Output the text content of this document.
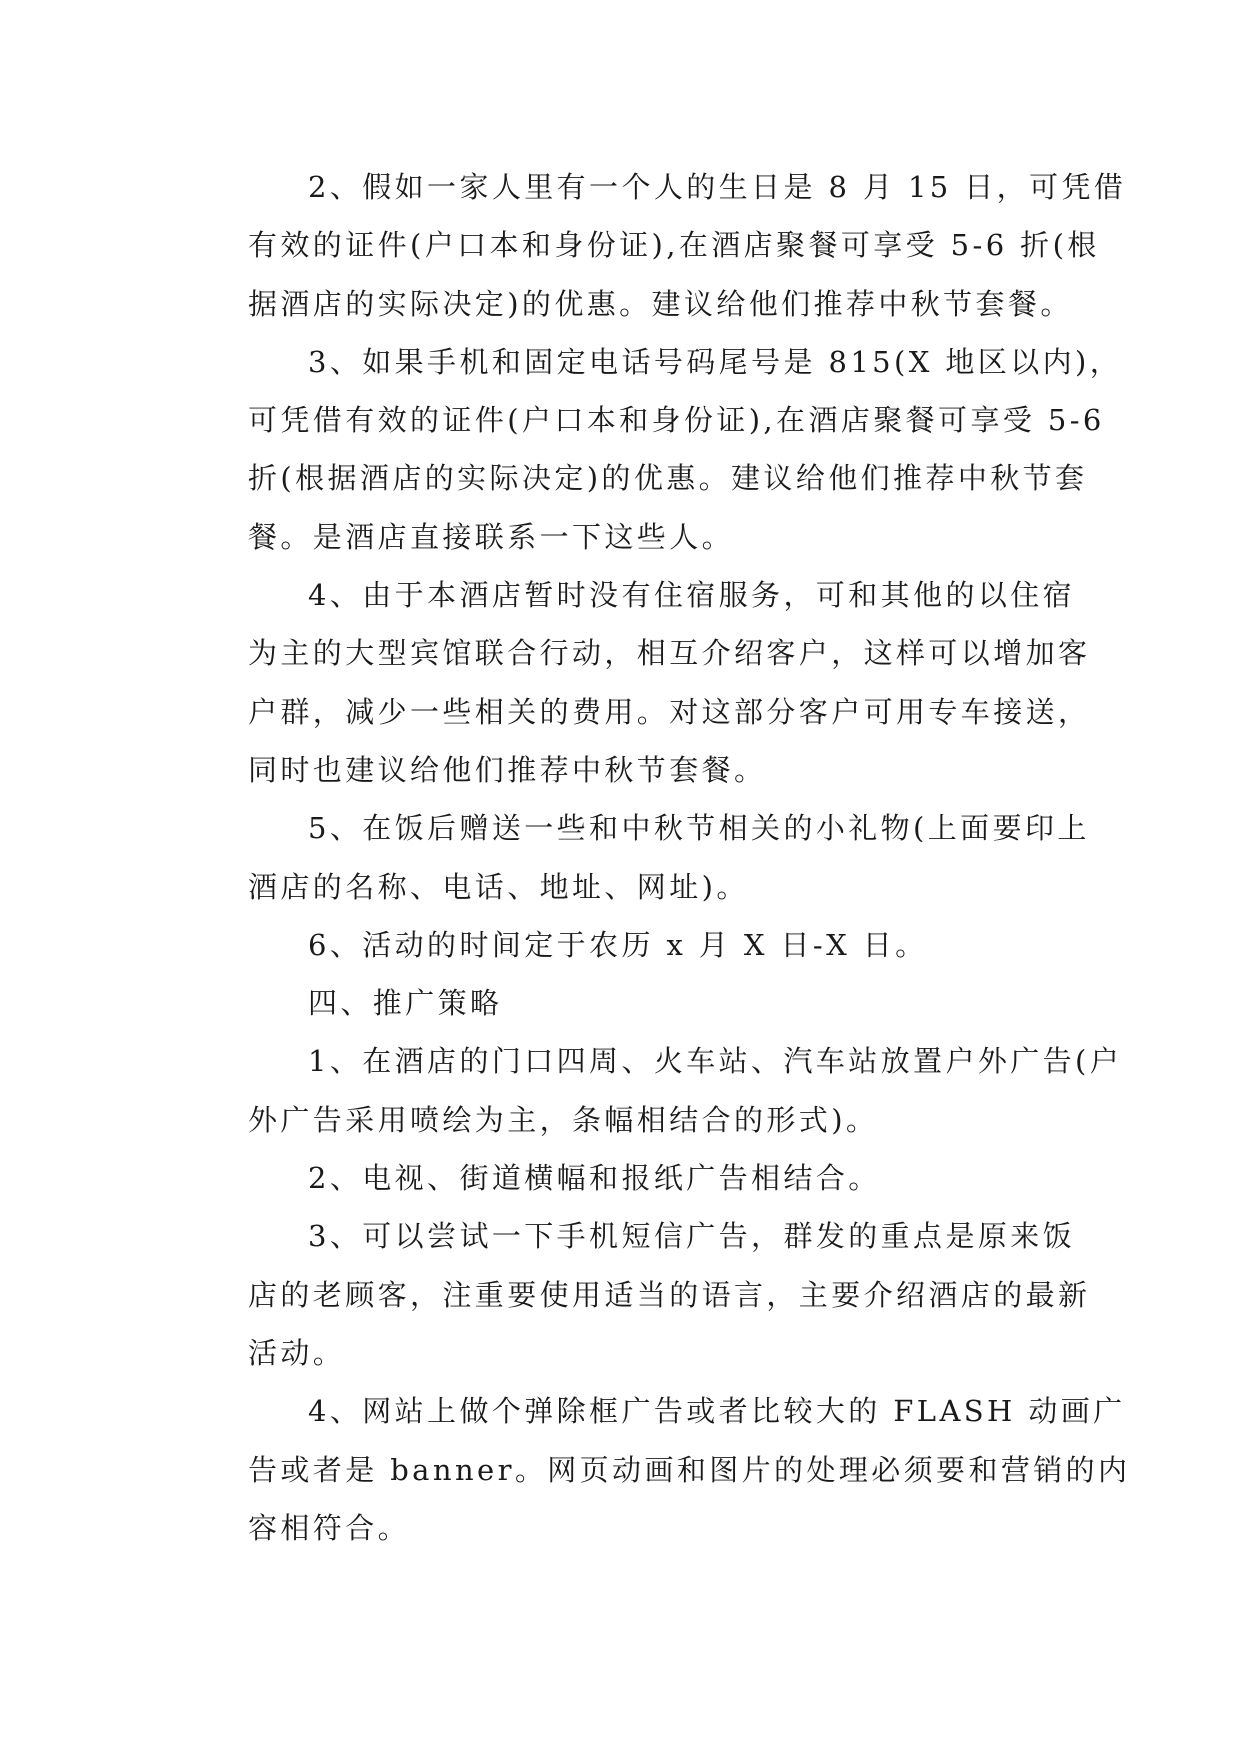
2、假如一家人里有一个人的生日是 8 月 15 日，可凭借
有效的证件(户口本和身份证),在酒店聚餐可享受 5-6 折(根
据酒店的实际决定)的优惠。建议给他们推荐中秋节套餐。

3、如果手机和固定电话号码尾号是 815(X 地区以内)，
可凭借有效的证件(户口本和身份证),在酒店聚餐可享受 5-6
折(根据酒店的实际决定)的优惠。建议给他们推荐中秋节套
餐。是酒店直接联系一下这些人。

4、由于本酒店暂时没有住宿服务，可和其他的以住宿
为主的大型宾馆联合行动，相互介绍客户，这样可以增加客
户群，减少一些相关的费用。对这部分客户可用专车接送，
同时也建议给他们推荐中秋节套餐。

5、在饭后赠送一些和中秋节相关的小礼物(上面要印上
酒店的名称、电话、地址、网址)。

6、活动的时间定于农历 x 月 X 日-X 日。

四、推广策略

1、在酒店的门口四周、火车站、汽车站放置户外广告(户
外广告采用喷绘为主，条幅相结合的形式)。

2、电视、街道横幅和报纸广告相结合。

3、可以尝试一下手机短信广告，群发的重点是原来饭
店的老顾客，注重要使用适当的语言，主要介绍酒店的最新
活动。

4、网站上做个弹除框广告或者比较大的 FLASH 动画广
告或者是 banner。网页动画和图片的处理必须要和营销的内
容相符合。
